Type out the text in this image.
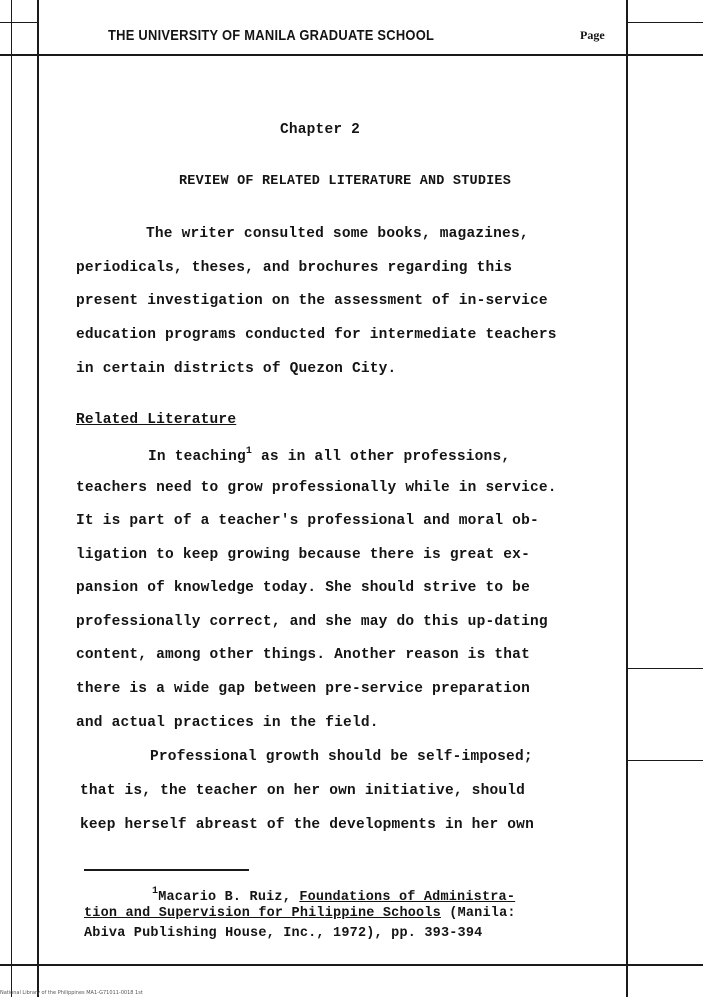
THE UNIVERSITY OF MANILA GRADUATE SCHOOL	Page
Chapter 2
REVIEW OF RELATED LITERATURE AND STUDIES
The writer consulted some books, magazines,
periodicals, theses, and brochures regarding this
present investigation on the assessment of in-service
education programs conducted for intermediate teachers
in certain districts of Quezon City.
Related Literature
In teaching$^1$ as in all other professions,
teachers need to grow professionally while in service.
It is part of a teacher's professional and moral ob-
ligation to keep growing because there is great ex-
pansion of knowledge today. She should strive to be
professionally correct, and she may do this up-dating
content, among other things. Another reason is that
there is a wide gap between pre-service preparation
and actual practices in the field.
Professional growth should be self-imposed;
that is, the teacher on her own initiative, should
keep herself abreast of the developments in her own
$^1$Macario B. Ruiz, Foundations of Administra-
tion and Supervision for Philippine Schools (Manila:
Abiva Publishing House, Inc., 1972), pp. 393-394
National Library of the Philippines MA1-G71011-0018 1st
